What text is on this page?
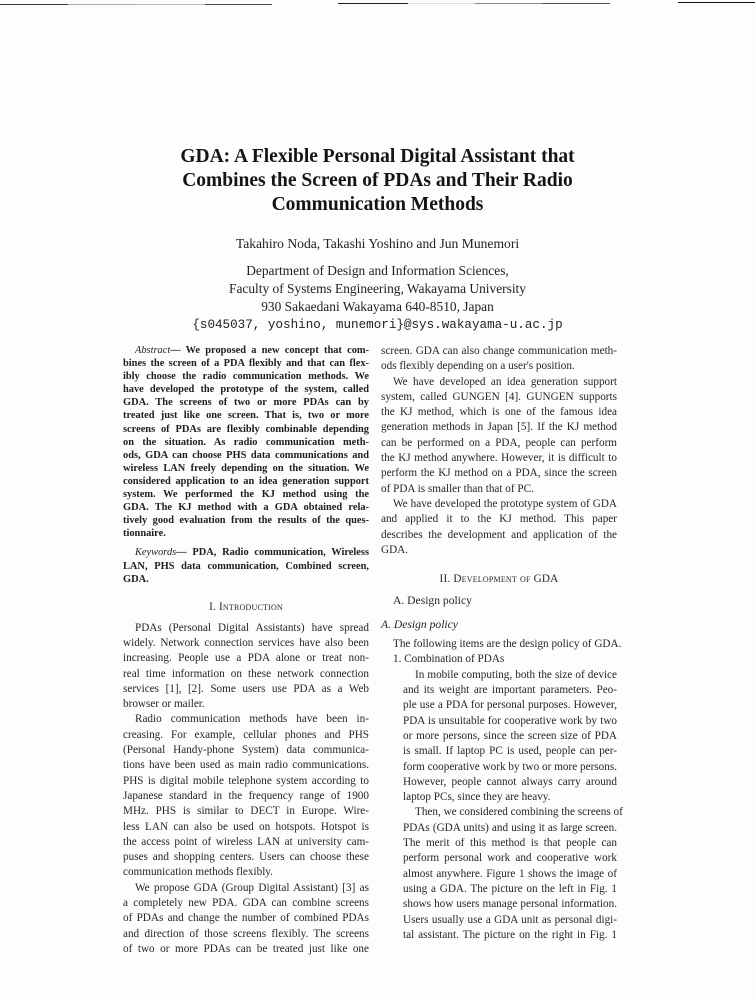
GDA: A Flexible Personal Digital Assistant that
Combines the Screen of PDAs and Their Radio
Communication Methods
Takahiro Noda, Takashi Yoshino and Jun Munemori
Department of Design and Information Sciences,
Faculty of Systems Engineering, Wakayama University
930 Sakaedani Wakayama 640-8510, Japan
{s045037, yoshino, munemori}@sys.wakayama-u.ac.jp
Abstract— We proposed a new concept that com-
bines the screen of a PDA flexibly and that can flex-
ibly choose the radio communication methods. We
have developed the prototype of the system, called
GDA. The screens of two or more PDAs can by
treated just like one screen. That is, two or more
screens of PDAs are flexibly combinable depending
on the situation. As radio communication meth-
ods, GDA can choose PHS data communications and
wireless LAN freely depending on the situation. We
considered application to an idea generation support
system. We performed the KJ method using the
GDA. The KJ method with a GDA obtained rela-
tively good evaluation from the results of the ques-
tionnaire.
Keywords— PDA, Radio communication, Wireless
LAN, PHS data communication, Combined screen,
GDA.
I. Introduction
PDAs (Personal Digital Assistants) have spread
widely. Network connection services have also been
increasing. People use a PDA alone or treat non-
real time information on these network connection
services [1], [2]. Some users use PDA as a Web
browser or mailer.
Radio communication methods have been in-
creasing. For example, cellular phones and PHS
(Personal Handy-phone System) data communica-
tions have been used as main radio communications.
PHS is digital mobile telephone system according to
Japanese standard in the frequency range of 1900
MHz. PHS is similar to DECT in Europe. Wire-
less LAN can also be used on hotspots. Hotspot is
the access point of wireless LAN at university cam-
puses and shopping centers. Users can choose these
communication methods flexibly.
We propose GDA (Group Digital Assistant) [3] as
a completely new PDA. GDA can combine screens
of PDAs and change the number of combined PDAs
and direction of those screens flexibly. The screens
of two or more PDAs can be treated just like one
screen. GDA can also change communication meth-
ods flexibly depending on a user's position.
We have developed an idea generation support
system, called GUNGEN [4]. GUNGEN supports
the KJ method, which is one of the famous idea
generation methods in Japan [5]. If the KJ method
can be performed on a PDA, people can perform
the KJ method anywhere. However, it is difficult to
perform the KJ method on a PDA, since the screen
of PDA is smaller than that of PC.
We have developed the prototype system of GDA
and applied it to the KJ method. This paper
describes the development and application of the
GDA.
II. Development of GDA
A. Design policy
A. Design policy
The following items are the design policy of GDA.
1. Combination of PDAs
In mobile computing, both the size of device
and its weight are important parameters. Peo-
ple use a PDA for personal purposes. However,
PDA is unsuitable for cooperative work by two
or more persons, since the screen size of PDA
is small. If laptop PC is used, people can per-
form cooperative work by two or more persons.
However, people cannot always carry around
laptop PCs, since they are heavy.
Then, we considered combining the screens of
PDAs (GDA units) and using it as large screen.
The merit of this method is that people can
perform personal work and cooperative work
almost anywhere. Figure 1 shows the image of
using a GDA. The picture on the left in Fig. 1
shows how users manage personal information.
Users usually use a GDA unit as personal digi-
tal assistant. The picture on the right in Fig. 1
